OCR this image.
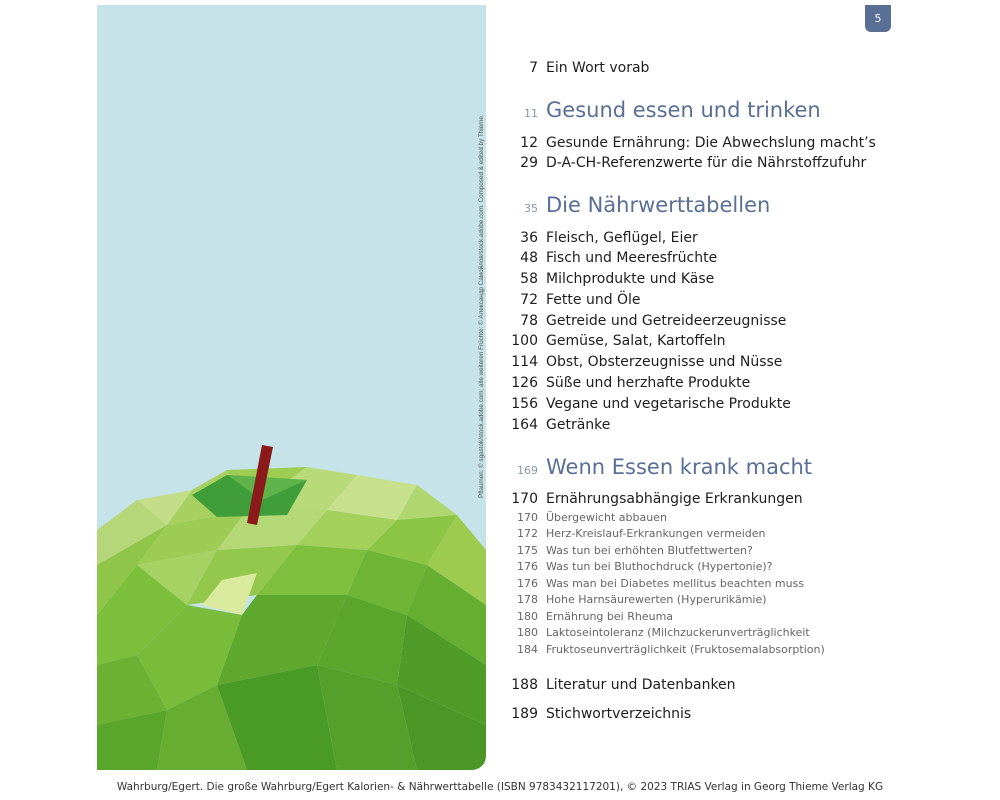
Pflaumen: © sgastok/stock.adobe.com; alle weiteren Früchte: © Александр Самойлов/stock.adobe.com. Composed & edited by Thieme.
5
7 Ein Wort vorab
11 Gesund essen und trinken
12 Gesunde Ernährung: Die Abwechslung macht’s
29 D-A-CH-Referenzwerte für die Nährstoffzufuhr
35 Die Nährwerttabellen
36 Fleisch, Geflügel, Eier
48 Fisch und Meeresfrüchte
58 Milchprodukte und Käse
72 Fette und Öle
78 Getreide und Getreideerzeugnisse
100 Gemüse, Salat, Kartoffeln
114 Obst, Obsterzeugnisse und Nüsse
126 Süße und herzhafte Produkte
156 Vegane und vegetarische Produkte
164 Getränke
169 Wenn Essen krank macht
170 Ernährungsabhängige Erkrankungen
170 Übergewicht abbauen
172 Herz-Kreislauf-Erkrankungen vermeiden
175 Was tun bei erhöhten Blutfettwerten?
176 Was tun bei Bluthochdruck (Hypertonie)?
176 Was man bei Diabetes mellitus beachten muss
178 Hohe Harnsäurewerten (Hyperurikämie)
180 Ernährung bei Rheuma
180 Laktoseintoleranz (Milchzuckerunverträglichkeit
184 Fruktoseunverträglichkeit (Fruktosemalabsorption)
188 Literatur und Datenbanken
189 Stichwortverzeichnis
Wahrburg/Egert. Die große Wahrburg/Egert Kalorien- & Nährwerttabelle (ISBN 9783432117201), © 2023 TRIAS Verlag in Georg Thieme Verlag KG
